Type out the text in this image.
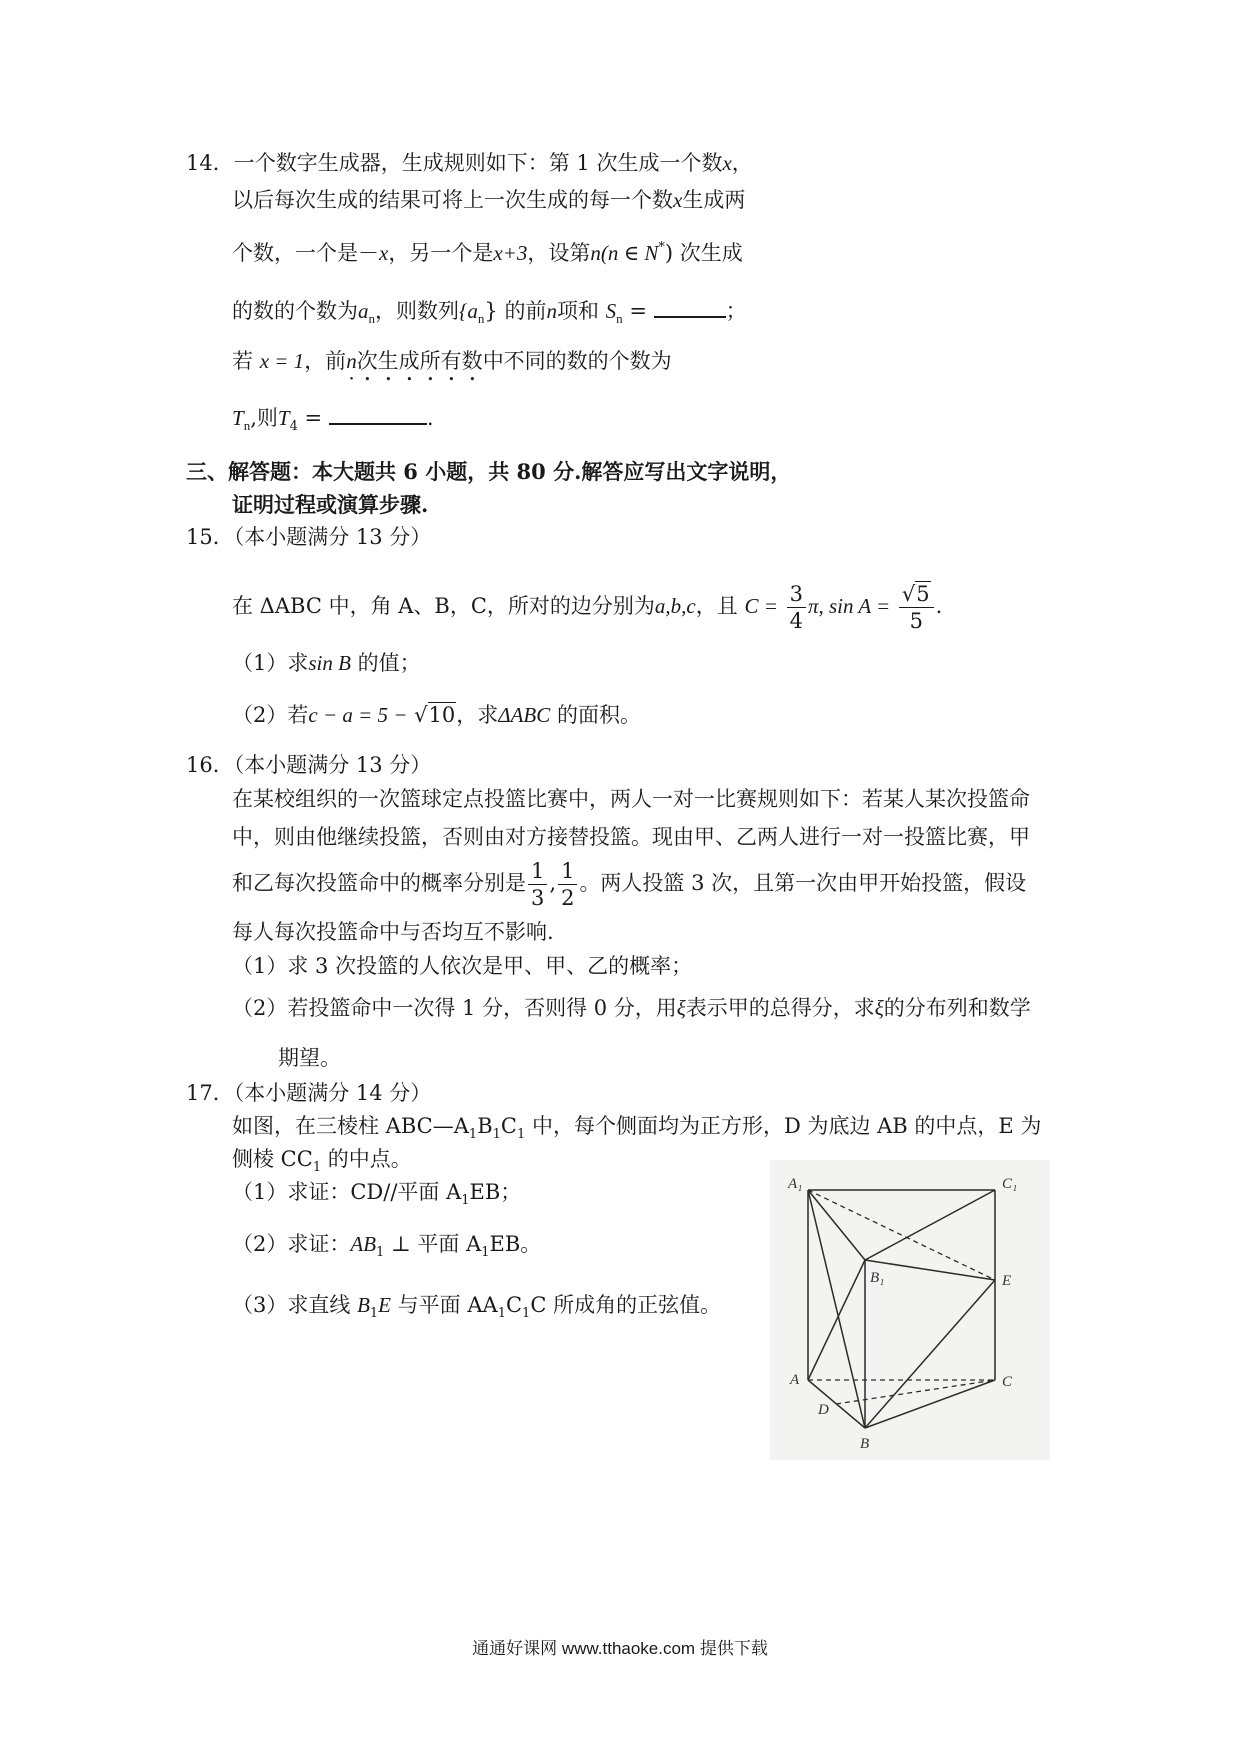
14．一个数字生成器，生成规则如下：第 1 次生成一个数x，
以后每次生成的结果可将上一次生成的每一个数x生成两
个数，一个是－x，另一个是x+3，设第n(n ∈ N*) 次生成
的数的个数为$a_n$，则数列$\{a_n\}$ 的前n项和 $S_n$ =	；
若 x = 1，前n次生成所有数中不同的数的个数为
$T_n$,则$T_4$ =	.
三、解答题：本大题共 6 小题，共 80 分.解答应写出文字说明，
证明过程或演算步骤.
15．（本小题满分 13 分）
在 ΔABC 中，角 A、B，C，所对的边分别为a,b,c，且 $C = \frac{3}{4} \pi$, $\sin A = \frac{√5}{5}$ .
（1）求sin B 的值；
（2）若c − a = 5 − √10，求ΔABC 的面积。
16．（本小题满分 13 分）
在某校组织的一次篮球定点投篮比赛中，两人一对一比赛规则如下：若某人某次投篮命
中，则由他继续投篮，否则由对方接替投篮。现由甲、乙两人进行一对一投篮比赛，甲
和乙每次投篮命中的概率分别是 $\frac{1}{3}$ , $\frac{1}{2}$ 。两人投篮 3 次，且第一次由甲开始投篮，假设
每人每次投篮命中与否均互不影响.
（1）求 3 次投篮的人依次是甲、甲、乙的概率；
（2）若投篮命中一次得 1 分，否则得 0 分，用ξ表示甲的总得分，求ξ的分布列和数学
期望。
17．（本小题满分 14 分）
如图，在三棱柱 $ABC—A_1B_1C_1$ 中，每个侧面均为正方形，D 为底边 AB 的中点，E 为
侧棱 $CC_1$ 的中点。
（1）求证：CD//平面 $A_1EB$；
（2）求证：$AB_1$ ⊥ 平面 $A_1EB$。
（3）求直线 $B_1E$ 与平面 $AA_1C_1C$ 所成角的正弦值。
A₁	C₁
B₁	E
A	C
D
B
通通好课网 www.tthaoke.com 提供下载
